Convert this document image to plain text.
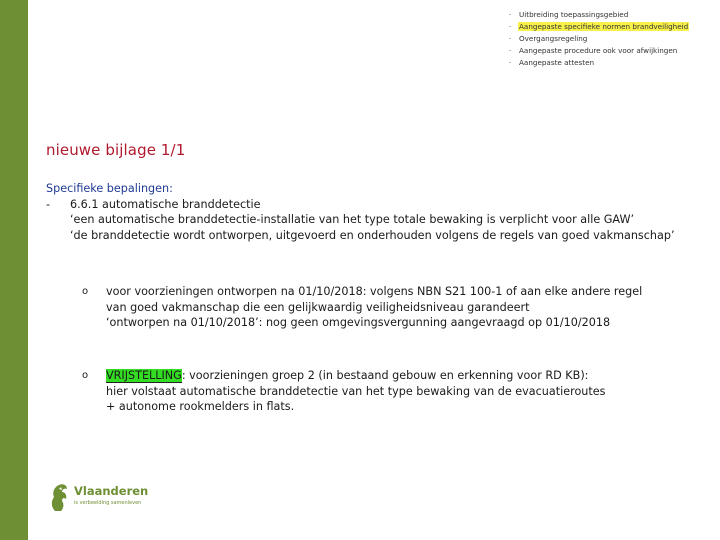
- Uitbreiding toepassingsgebied
- Aangepaste specifieke normen brandveiligheid
- Overgangsregeling
- Aangepaste procedure ook voor afwijkingen
- Aangepaste attesten
nieuwe bijlage 1/1
Specifieke bepalingen:
- 6.6.1 automatische branddetectie
‘een automatische branddetectie-installatie van het type totale bewaking is verplicht voor alle GAW’
‘de branddetectie wordt ontworpen, uitgevoerd en onderhouden volgens de regels van goed vakmanschap’
o voor voorzieningen ontworpen na 01/10/2018: volgens NBN S21 100-1 of aan elke andere regel
van goed vakmanschap die een gelijkwaardig veiligheidsniveau garandeert
‘ontworpen na 01/10/2018’: nog geen omgevingsvergunning aangevraagd op 01/10/2018
o VRIJSTELLING: voorzieningen groep 2 (in bestaand gebouw en erkenning voor RD KB):
hier volstaat automatische branddetectie van het type bewaking van de evacuatieroutes
+ autonome rookmelders in flats.
Vlaanderen
is verbeelding samenleven
